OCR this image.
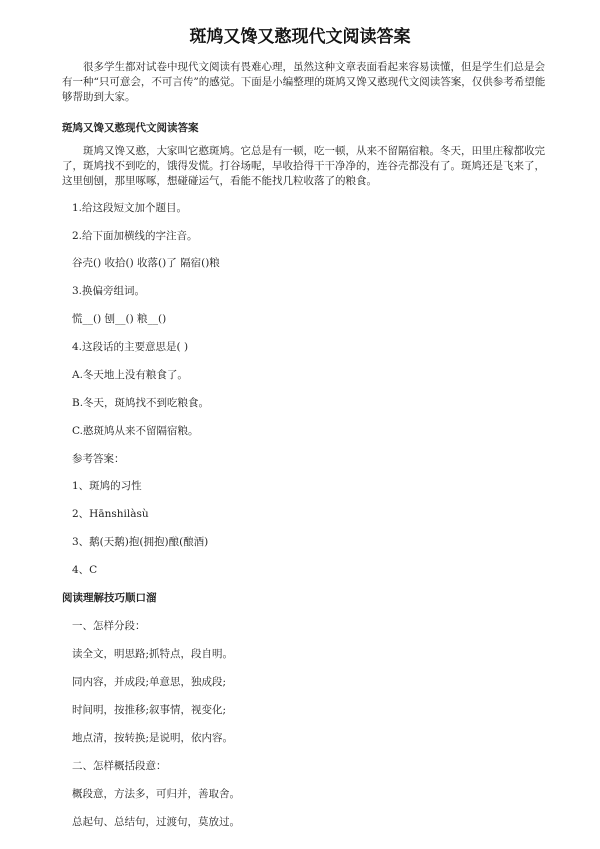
斑鸠又馋又憨现代文阅读答案

很多学生都对试卷中现代文阅读有畏难心理，虽然这种文章表面看起来容易读懂，但是学生们总是会有一种“只可意会，不可言传”的感觉。下面是小编整理的斑鸠又馋又憨现代文阅读答案，仅供参考希望能够帮助到大家。

斑鸠又馋又憨现代文阅读答案

斑鸠又馋又憨，大家叫它憨斑鸠。它总是有一顿，吃一顿，从来不留隔宿粮。冬天，田里庄稼都收完了，斑鸠找不到吃的，饿得发慌。打谷场呢，早收拾得干干净净的，连谷壳都没有了。斑鸠还是飞来了，这里刨刨，那里啄啄，想碰碰运气，看能不能找几粒收落了的粮食。

1.给这段短文加个题目。

2.给下面加横线的字注音。

谷壳() 收拾() 收落()了 隔宿()粮

3.换偏旁组词。

慌__() 刨__() 粮__()

4.这段话的主要意思是( )

A.冬天地上没有粮食了。

B.冬天，斑鸠找不到吃粮食。

C.憨斑鸠从来不留隔宿粮。

参考答案：

1、斑鸠的习性

2、Hānshilàsù

3、鹅(天鹅)抱(拥抱)酿(酿酒)

4、C

阅读理解技巧顺口溜

一、怎样分段：

读全文，明思路;抓特点，段自明。

同内容，并成段;单意思，独成段;

时间明，按推移;叙事情，视变化;

地点清，按转换;是说明，依内容。

二、怎样概括段意：

概段意，方法多，可归并，善取舍。

总起句、总结句，过渡句，莫放过。
